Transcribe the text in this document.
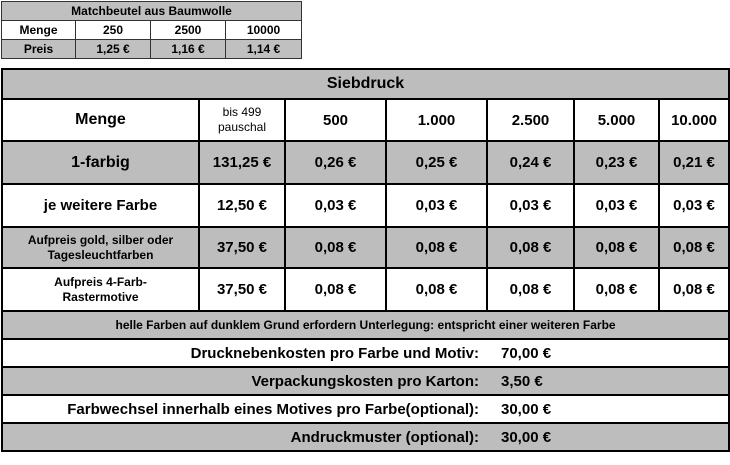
Matchbeutel aus Baumwolle			
Menge	250	2500	10000
Preis	1,25 €	1,16 €	1,14 €
Siebdruck						
Menge	bis 499 pauschal	500	1.000	2.500	5.000	10.000
1-farbig	131,25 €	0,26 €	0,25 €	0,24 €	0,23 €	0,21 €
je weitere Farbe	12,50 €	0,03 €	0,03 €	0,03 €	0,03 €	0,03 €
Aufpreis gold, silber oder Tagesleuchtfarben	37,50 €	0,08 €	0,08 €	0,08 €	0,08 €	0,08 €
Aufpreis 4-Farb-Rastermotive	37,50 €	0,08 €	0,08 €	0,08 €	0,08 €	0,08 €
helle Farben auf dunklem Grund erfordern Unterlegung: entspricht einer weiteren Farbe						
Drucknebenkosten pro Farbe und Motiv:				70,00 €		
Verpackungskosten pro Karton:				3,50 €		
Farbwechsel innerhalb eines Motives pro Farbe(optional):				30,00 €		
Andruckmuster (optional):				30,00 €		
